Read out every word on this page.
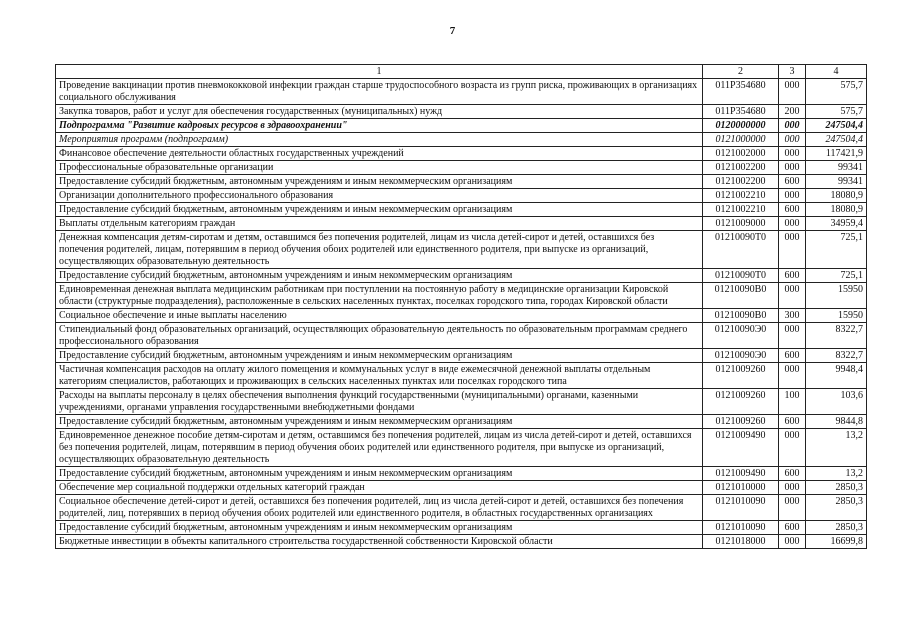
7
1	2	3	4
Проведение вакцинации против пневмококковой инфекции граждан старше трудоспособного возраста из групп риска, проживающих в организациях социального обслуживания	011Р354680	000	575,7
Закупка товаров, работ и услуг для обеспечения государственных (муниципальных) нужд	011Р354680	200	575,7
Подпрограмма "Развитие кадровых ресурсов в здравоохранении"	0120000000	000	247504,4
Мероприятия программ (подпрограмм)	0121000000	000	247504,4
Финансовое обеспечение деятельности областных государственных учреждений	0121002000	000	117421,9
Профессиональные образовательные организации	0121002200	000	99341
Предоставление субсидий бюджетным, автономным учреждениям и иным некоммерческим организациям	0121002200	600	99341
Организации дополнительного профессионального образования	0121002210	000	18080,9
Предоставление субсидий бюджетным, автономным учреждениям и иным некоммерческим организациям	0121002210	600	18080,9
Выплаты отдельным категориям граждан	0121009000	000	34959,4
Денежная компенсация детям-сиротам и детям, оставшимся без попечения родителей, лицам из числа детей-сирот и детей, оставшихся без попечения родителей, лицам, потерявшим в период обучения обоих родителей или единственного родителя, при выпуске из организаций, осуществляющих образовательную деятельность	01210090Т0	000	725,1
Предоставление субсидий бюджетным, автономным учреждениям и иным некоммерческим организациям	01210090Т0	600	725,1
Единовременная денежная выплата медицинским работникам при поступлении на постоянную работу в медицинские организации Кировской области (структурные подразделения), расположенные в сельских населенных пунктах, поселках городского типа, городах Кировской области	01210090В0	000	15950
Социальное обеспечение и иные выплаты населению	01210090В0	300	15950
Стипендиальный фонд образовательных организаций, осуществляющих образовательную деятельность по образовательным программам среднего профессионального образования	01210090Э0	000	8322,7
Предоставление субсидий бюджетным, автономным учреждениям и иным некоммерческим организациям	01210090Э0	600	8322,7
Частичная компенсация расходов на оплату жилого помещения и коммунальных услуг в виде ежемесячной денежной выплаты отдельным категориям специалистов, работающих и проживающих в сельских населенных пунктах или поселках городского типа	0121009260	000	9948,4
Расходы на выплаты персоналу в целях обеспечения выполнения функций государственными (муниципальными) органами, казенными учреждениями, органами управления государственными внебюджетными фондами	0121009260	100	103,6
Предоставление субсидий бюджетным, автономным учреждениям и иным некоммерческим организациям	0121009260	600	9844,8
Единовременное денежное пособие детям-сиротам и детям, оставшимся без попечения родителей, лицам из числа детей-сирот и детей, оставшихся без попечения родителей, лицам, потерявшим в период обучения обоих родителей или единственного родителя, при выпуске из организаций, осуществляющих образовательную деятельность	0121009490	000	13,2
Предоставление субсидий бюджетным, автономным учреждениям и иным некоммерческим организациям	0121009490	600	13,2
Обеспечение мер социальной поддержки отдельных категорий граждан	0121010000	000	2850,3
Социальное обеспечение детей-сирот и детей, оставшихся без попечения родителей, лиц из числа детей-сирот и детей, оставшихся без попечения родителей, лиц, потерявших в период обучения обоих родителей или единственного родителя, в областных государственных организациях	0121010090	000	2850,3
Предоставление субсидий бюджетным, автономным учреждениям и иным некоммерческим организациям	0121010090	600	2850,3
Бюджетные инвестиции в объекты капитального строительства государственной собственности Кировской области	0121018000	000	16699,8
